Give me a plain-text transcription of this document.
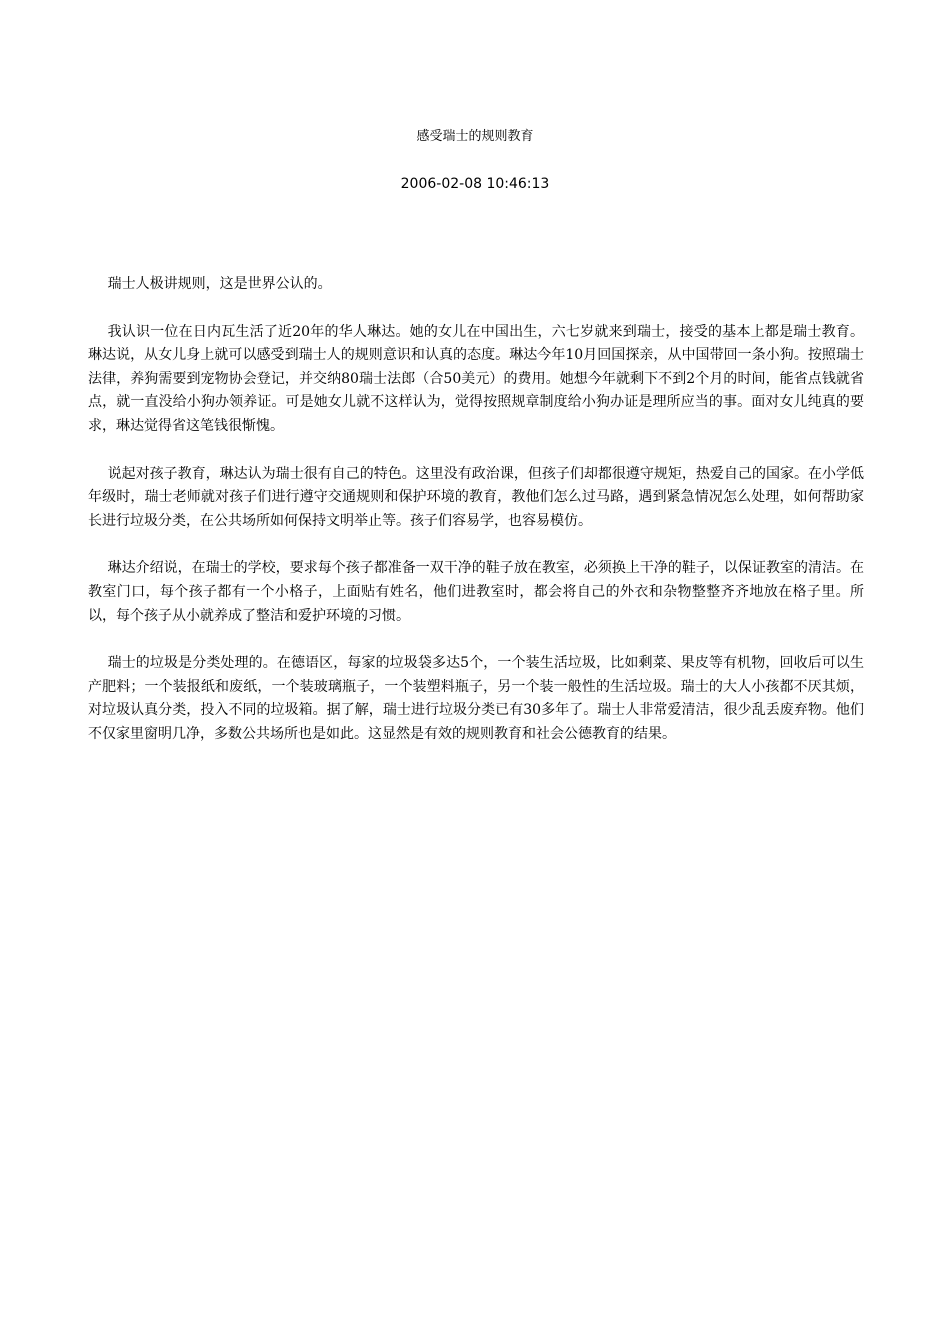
感受瑞士的规则教育
2006-02-08 10:46:13

瑞士人极讲规则，这是世界公认的。

我认识一位在日内瓦生活了近20年的华人琳达。她的女儿在中国出生，六七岁就来到瑞士，接受的基本上都是瑞士教育。琳达说，从女儿身上就可以感受到瑞士人的规则意识和认真的态度。琳达今年10月回国探亲，从中国带回一条小狗。按照瑞士法律，养狗需要到宠物协会登记，并交纳80瑞士法郎（合50美元）的费用。她想今年就剩下不到2个月的时间，能省点钱就省点，就一直没给小狗办领养证。可是她女儿就不这样认为，觉得按照规章制度给小狗办证是理所应当的事。面对女儿纯真的要求，琳达觉得省这笔钱很惭愧。

说起对孩子教育，琳达认为瑞士很有自己的特色。这里没有政治课，但孩子们却都很遵守规矩，热爱自己的国家。在小学低年级时，瑞士老师就对孩子们进行遵守交通规则和保护环境的教育，教他们怎么过马路，遇到紧急情况怎么处理，如何帮助家长进行垃圾分类，在公共场所如何保持文明举止等。孩子们容易学，也容易模仿。

琳达介绍说，在瑞士的学校，要求每个孩子都准备一双干净的鞋子放在教室，必须换上干净的鞋子，以保证教室的清洁。在教室门口，每个孩子都有一个小格子，上面贴有姓名，他们进教室时，都会将自己的外衣和杂物整整齐齐地放在格子里。所以，每个孩子从小就养成了整洁和爱护环境的习惯。

瑞士的垃圾是分类处理的。在德语区，每家的垃圾袋多达5个，一个装生活垃圾，比如剩菜、果皮等有机物，回收后可以生产肥料；一个装报纸和废纸，一个装玻璃瓶子，一个装塑料瓶子，另一个装一般性的生活垃圾。瑞士的大人小孩都不厌其烦，对垃圾认真分类，投入不同的垃圾箱。据了解，瑞士进行垃圾分类已有30多年了。瑞士人非常爱清洁，很少乱丢废弃物。他们不仅家里窗明几净，多数公共场所也是如此。这显然是有效的规则教育和社会公德教育的结果。
